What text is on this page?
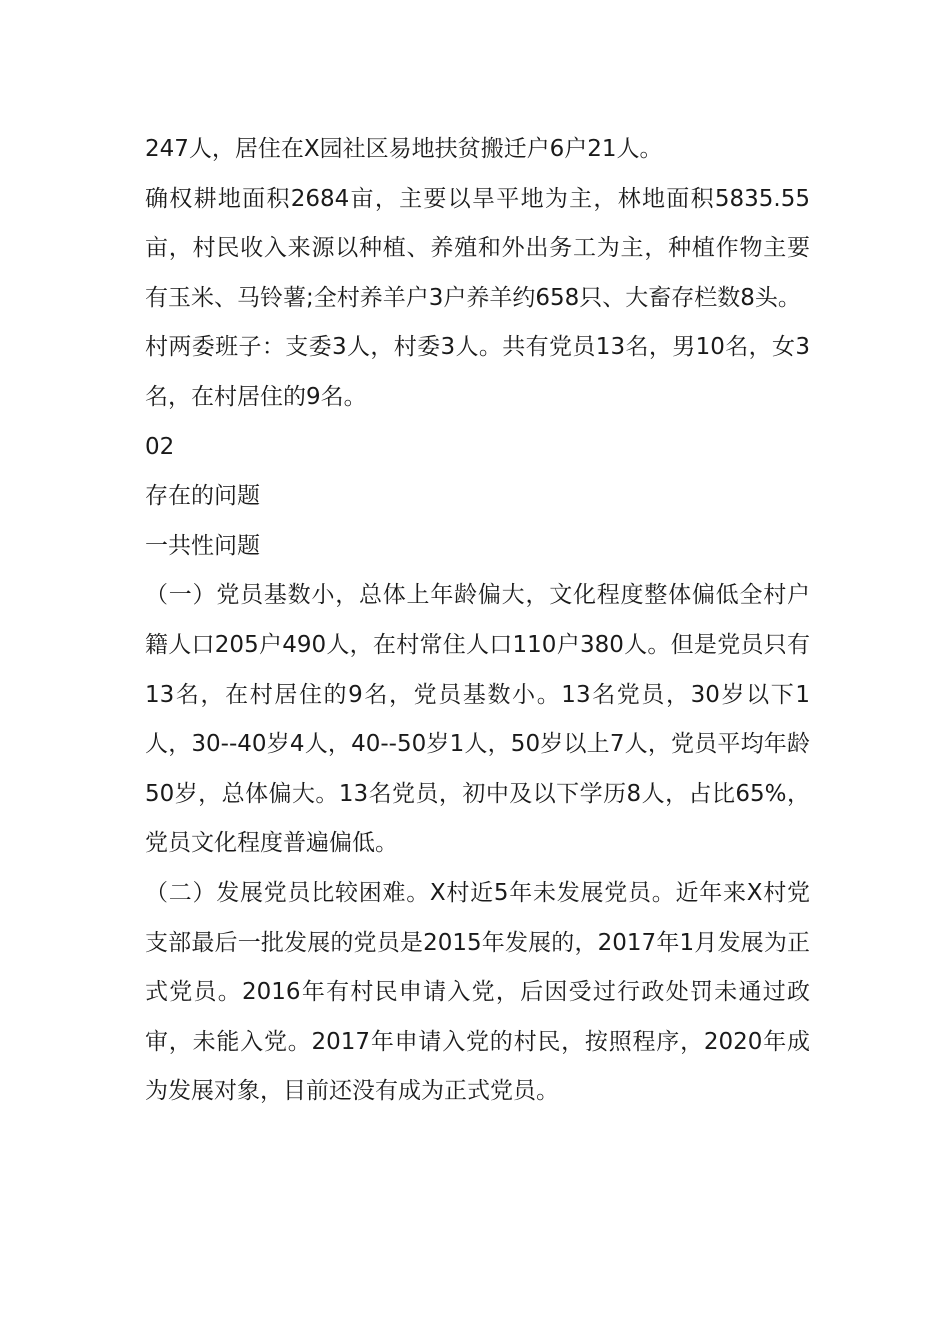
247人，居住在X园社区易地扶贫搬迁户6户21人。

确权耕地面积2684亩，主要以旱平地为主，林地面积5835.55亩，村民收入来源以种植、养殖和外出务工为主，种植作物主要有玉米、马铃薯;全村养羊户3户养羊约658只、大畜存栏数8头。

村两委班子：支委3人，村委3人。共有党员13名，男10名，女3名，在村居住的9名。

02

存在的问题

一共性问题

（一）党员基数小，总体上年龄偏大，文化程度整体偏低全村户籍人口205户490人，在村常住人口110户380人。但是党员只有13名，在村居住的9名，党员基数小。13名党员，30岁以下1人，30--40岁4人，40--50岁1人，50岁以上7人，党员平均年龄50岁，总体偏大。13名党员，初中及以下学历8人，占比65%，党员文化程度普遍偏低。

（二）发展党员比较困难。X村近5年未发展党员。近年来X村党支部最后一批发展的党员是2015年发展的，2017年1月发展为正式党员。2016年有村民申请入党，后因受过行政处罚未通过政审，未能入党。2017年申请入党的村民，按照程序，2020年成为发展对象，目前还没有成为正式党员。
